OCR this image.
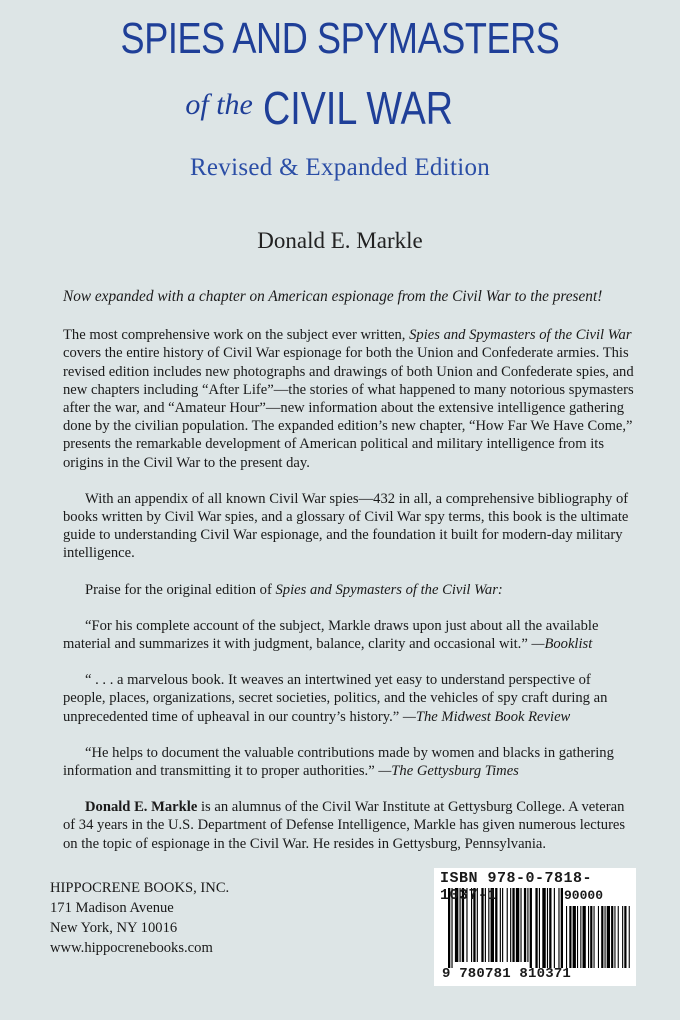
SPIES AND SPYMASTERS
of the CIVIL WAR
Revised & Expanded Edition
Donald E. Markle

Now expanded with a chapter on American espionage from the Civil War to the present!

The most comprehensive work on the subject ever written, Spies and Spymasters of the Civil War covers the entire history of Civil War espionage for both the Union and Confederate armies. This revised edition includes new photographs and drawings of both Union and Confederate spies, and new chapters including “After Life”—the stories of what happened to many notorious spymasters after the war, and “Amateur Hour”—new information about the extensive intelligence gathering done by the civilian population. The expanded edition’s new chapter, “How Far We Have Come,” presents the remarkable development of American political and military intelligence from its origins in the Civil War to the present day.

With an appendix of all known Civil War spies—432 in all, a comprehensive bibliography of books written by Civil War spies, and a glossary of Civil War spy terms, this book is the ultimate guide to understanding Civil War espionage, and the foundation it built for modern-day military intelligence.

Praise for the original edition of Spies and Spymasters of the Civil War:

“For his complete account of the subject, Markle draws upon just about all the available material and summarizes it with judgment, balance, clarity and occasional wit.” —Booklist

“ . . . a marvelous book. It weaves an intertwined yet easy to understand perspective of people, places, organizations, secret societies, politics, and the vehicles of spy craft during an unprecedented time of upheaval in our country’s history.” —The Midwest Book Review

“He helps to document the valuable contributions made by women and blacks in gathering information and transmitting it to proper authorities.” —The Gettysburg Times

Donald E. Markle is an alumnus of the Civil War Institute at Gettysburg College. A veteran of 34 years in the U.S. Department of Defense Intelligence, Markle has given numerous lectures on the topic of espionage in the Civil War. He resides in Gettysburg, Pennsylvania.

HIPPOCRENE BOOKS, INC.
171 Madison Avenue
New York, NY 10016
www.hippocrenebooks.com
ISBN 978-0-7818-1037-1	90000
9 780781 810371
